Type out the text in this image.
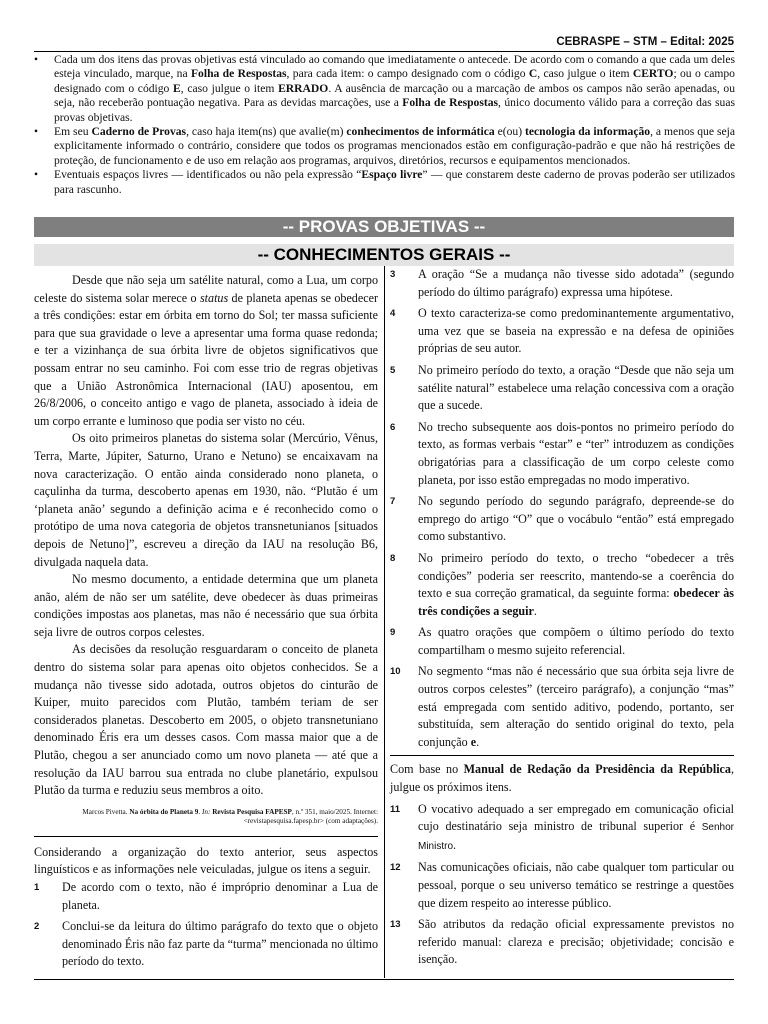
CEBRASPE – STM – Edital: 2025
• Cada um dos itens das provas objetivas está vinculado ao comando que imediatamente o antecede. De acordo com o comando a que cada um deles esteja vinculado, marque, na Folha de Respostas, para cada item: o campo designado com o código C, caso julgue o item CERTO; ou o campo designado com o código E, caso julgue o item ERRADO. A ausência de marcação ou a marcação de ambos os campos não serão apenadas, ou seja, não receberão pontuação negativa. Para as devidas marcações, use a Folha de Respostas, único documento válido para a correção das suas provas objetivas.
• Em seu Caderno de Provas, caso haja item(ns) que avalie(m) conhecimentos de informática e(ou) tecnologia da informação, a menos que seja explicitamente informado o contrário, considere que todos os programas mencionados estão em configuração-padrão e que não há restrições de proteção, de funcionamento e de uso em relação aos programas, arquivos, diretórios, recursos e equipamentos mencionados.
• Eventuais espaços livres — identificados ou não pela expressão “Espaço livre” — que constarem deste caderno de provas poderão ser utilizados para rascunho.
-- PROVAS OBJETIVAS --
-- CONHECIMENTOS GERAIS --

Desde que não seja um satélite natural, como a Lua, um corpo celeste do sistema solar merece o status de planeta apenas se obedecer a três condições: estar em órbita em torno do Sol; ter massa suficiente para que sua gravidade o leve a apresentar uma forma quase redonda; e ter a vizinhança de sua órbita livre de objetos significativos que possam entrar no seu caminho. Foi com esse trio de regras objetivas que a União Astronômica Internacional (IAU) aposentou, em 26/8/2006, o conceito antigo e vago de planeta, associado à ideia de um corpo errante e luminoso que podia ser visto no céu.

Os oito primeiros planetas do sistema solar (Mercúrio, Vênus, Terra, Marte, Júpiter, Saturno, Urano e Netuno) se encaixavam na nova caracterização. O então ainda considerado nono planeta, o caçulinha da turma, descoberto apenas em 1930, não. “Plutão é um ‘planeta anão’ segundo a definição acima e é reconhecido como o protótipo de uma nova categoria de objetos transnetunianos [situados depois de Netuno]”, escreveu a direção da IAU na resolução B6, divulgada naquela data.

No mesmo documento, a entidade determina que um planeta anão, além de não ser um satélite, deve obedecer às duas primeiras condições impostas aos planetas, mas não é necessário que sua órbita seja livre de outros corpos celestes.

As decisões da resolução resguardaram o conceito de planeta dentro do sistema solar para apenas oito objetos conhecidos. Se a mudança não tivesse sido adotada, outros objetos do cinturão de Kuiper, muito parecidos com Plutão, também teriam de ser considerados planetas. Descoberto em 2005, o objeto transnetuniano denominado Éris era um desses casos. Com massa maior que a de Plutão, chegou a ser anunciado como um novo planeta — até que a resolução da IAU barrou sua entrada no clube planetário, expulsou Plutão da turma e reduziu seus membros a oito.

Marcos Pivetta. Na órbita do Planeta 9. In: Revista Pesquisa FAPESP, n.º 351, maio/2025. Internet: <revistapesquisa.fapesp.br> (com adaptações).

Considerando a organização do texto anterior, seus aspectos linguísticos e as informações nele veiculadas, julgue os itens a seguir.

1 De acordo com o texto, não é impróprio denominar a Lua de planeta.
2 Conclui-se da leitura do último parágrafo do texto que o objeto denominado Éris não faz parte da “turma” mencionada no último período do texto.
3 A oração “Se a mudança não tivesse sido adotada” (segundo período do último parágrafo) expressa uma hipótese.
4 O texto caracteriza-se como predominantemente argumentativo, uma vez que se baseia na expressão e na defesa de opiniões próprias de seu autor.
5 No primeiro período do texto, a oração “Desde que não seja um satélite natural” estabelece uma relação concessiva com a oração que a sucede.
6 No trecho subsequente aos dois-pontos no primeiro período do texto, as formas verbais “estar” e “ter” introduzem as condições obrigatórias para a classificação de um corpo celeste como planeta, por isso estão empregadas no modo imperativo.
7 No segundo período do segundo parágrafo, depreende-se do emprego do artigo “O” que o vocábulo “então” está empregado como substantivo.
8 No primeiro período do texto, o trecho “obedecer a três condições” poderia ser reescrito, mantendo-se a coerência do texto e sua correção gramatical, da seguinte forma: obedecer às três condições a seguir.
9 As quatro orações que compõem o último período do texto compartilham o mesmo sujeito referencial.
10 No segmento “mas não é necessário que sua órbita seja livre de outros corpos celestes” (terceiro parágrafo), a conjunção “mas” está empregada com sentido aditivo, podendo, portanto, ser substituída, sem alteração do sentido original do texto, pela conjunção e.

Com base no Manual de Redação da Presidência da República, julgue os próximos itens.

11 O vocativo adequado a ser empregado em comunicação oficial cujo destinatário seja ministro de tribunal superior é Senhor Ministro.
12 Nas comunicações oficiais, não cabe qualquer tom particular ou pessoal, porque o seu universo temático se restringe a questões que dizem respeito ao interesse público.
13 São atributos da redação oficial expressamente previstos no referido manual: clareza e precisão; objetividade; concisão e isenção.
